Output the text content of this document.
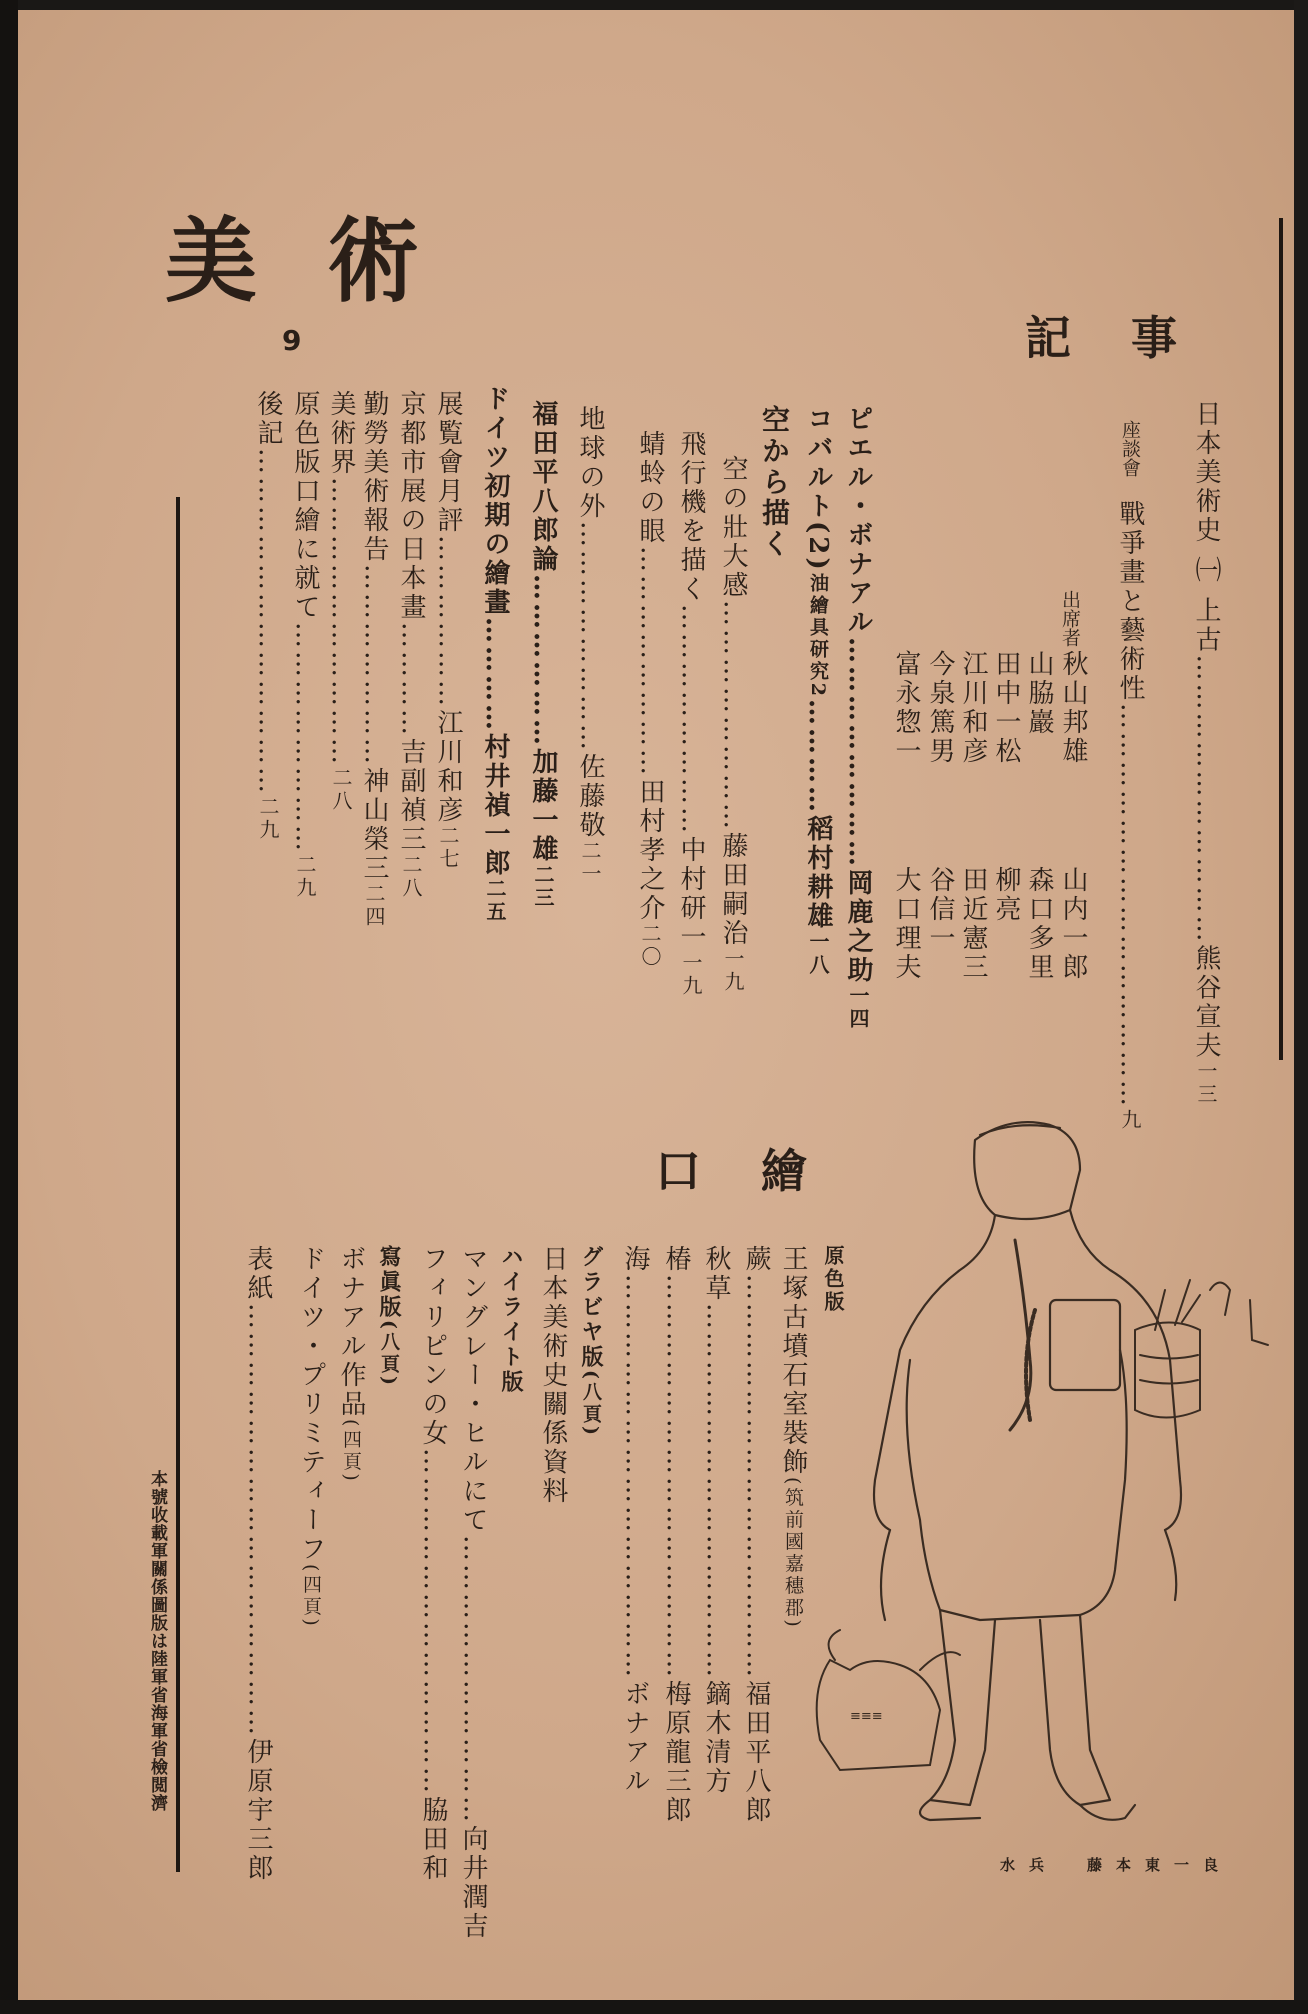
美術
9	記事
口繪
日本美術史 ㈠ 上古…………………………熊谷宣夫一三
座談會
戰爭畫と藝術性……………………………………九
出席者
秋山邦雄
山内一郎
山脇巖
森口多里
田中一松
柳亮
江川和彦
田近憲三
今泉篤男
谷信一
富永惣一
大口理夫
ピエル・ボナアル……………………岡鹿之助一四
コバルト(2)油繪具研究2…………稻村耕雄一八
空から描く
空の壯大感……………………藤田嗣治一九
飛行機を描く……………………中村研一一九
蜻蛉の眼……………………田村孝之介二〇
地球の外……………………佐藤敬二一
福田平八郎論………………加藤一雄二三
ドイツ初期の繪畫…………村井禎一郎二五
展覧會月評………………江川和彦二七
京都市展の日本畫…………吉副禎三二八
勤勞美術報告…………………神山榮三二四
美術界…………………………二八
原色版口繪に就て……………………二九
後記………………………………二九
原色版
王塚古墳石室裝飾(筑前國嘉穗郡)
蕨……………………………………福田平八郎
秋草…………………………………鏑木清方
椿……………………………………梅原龍三郎
海……………………………………ボナアル
グラビヤ版(八頁)
日本美術史關係資料
ハイライト版
マングレー・ヒルにて…………………………向井潤吉
フィリピンの女………………………………脇田和
寫眞版(八頁)
ボナアル作品(四頁)
ドイツ・プリミティーフ(四頁)
表紙………………………………………伊原宇三郎
本號收載軍關係圖版は陸軍省海軍省檢閲濟	≡≡≡
水兵　藤本東一良
